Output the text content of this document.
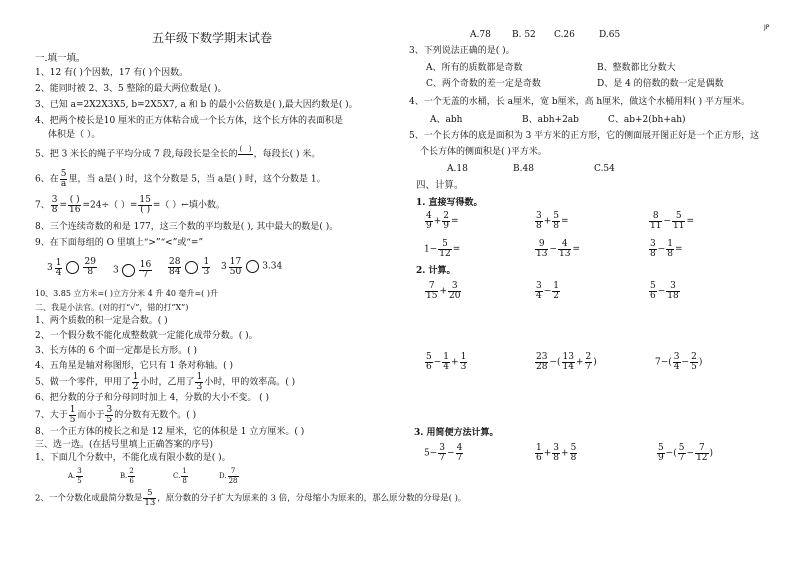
JP
五年级下数学期末试卷
一.填一填。
1、12 有( )个因数，17 有( )个因数。
2、能同时被 2、3、5 整除的最大两位数是( )。
3、已知 a=2X2X3X5, b=2X5X7, a 和 b 的最小公倍数是( ),最大因约数是( )。
4、把两个棱长是10 厘米的正方体粘合成一个长方体，这个长方体的表面积是
体积是（ ）。
5、把 3 米长的绳子平均分成 7 段,每段长是全长的
(   )

，每段长( ) 米。
6、在 $\frac{5}{a}$ 里，当 a是( ) 时，这个分数是 5，当 a是( ) 时，这个分数是 1。
7、 $\frac{3}{8} = \frac{( )}{16} =24\div$（ ）= $\frac{15}{( )}$ =（ ）←填小数。
8、三个连续奇数的和是 177，这三个数的平均数是( ), 其中最大的数是( )。
9、在下面每组的 O 里填上“>”“<”或“=”
$3 \frac{1}{4} \frac{29}{8} 3 \frac{16}{7} \frac{28}{84} \frac{1}{3} 3 \frac{17}{50} 3.34$
10、3.85 立方米=( )立方分米 4 升 40 毫升=( )升
二、我是小法官。(对的打“√”，错的打“X”)
1、两个质数的积一定是合数。( )
2、一个假分数不能化成整数就一定能化成带分数。( )。
3、长方体的 6 个面一定都是长方形。( )
4、五角星是轴对称图形，它只有 1 条对称轴。( )
5、做一个零件，甲用了 $\frac{1}{2}$ 小时，乙用了 $\frac{1}{3}$ 小时，甲的效率高。( )
6、把分数的分子和分母同时加上 4，分数的大小不变。 ( )
7、大于 $\frac{1}{5}$ 而小于 $\frac{3}{5}$ 的分数有无数个。( )
8、一个正方体的棱长之和是 12 厘米，它的体积是 1 立方厘米。( )
三、选一选。(在括号里填上正确答案的序号)
1、下面几个分数中，不能化成有限小数的是( )。
A. $\frac{3}{5}$	B. $\frac{2}{6}$	C. $\frac{1}{8}$	D. $\frac{7}{28}$
2、一个分数化成最简分数是 $\frac{5}{13}$ ，原分数的分子扩大为原来的 3 倍，分母缩小为原来的，那么原分数的分母是( )。
A.78 B. 52 C.26	D.65
3、下列说法正确的是( )。
A、所有的质数都是奇数	B、整数都比分数大
C、两个奇数的差一定是奇数	D、是 4 的倍数的数一定是偶数
4、一个无盖的水桶，长 a厘米，宽 b厘米，高 h厘米，做这个水桶用料( ) 平方厘米。
A、abh	B、abh+2ab	C、ab+2(bh+ah)
5、一个长方体的底是面积为 3 平方米的正方形，它的侧面展开图正好是一个正方形，这
个长方体的侧面积是( )平方米。
A.18	B.48	C.54
四、计算。
1. 直接写得数。
$\frac{4}{9} + \frac{2}{9}$ =	$\frac{3}{8} + \frac{5}{8}$ =	$\frac{8}{11} - \frac{5}{11}$ =
$1- \frac{5}{12}$ =	$\frac{9}{13} - \frac{4}{13}$ =	$\frac{3}{8} - \frac{1}{8}$ =
2. 计算。
$\frac{7}{15} + \frac{3}{20}$	$\frac{3}{4} - \frac{1}{2}$	$\frac{5}{6} - \frac{3}{18}$
$\frac{5}{6} - \frac{1}{4} + \frac{1}{3}$	$\frac{23}{28}$ −( $\frac{13}{14} + \frac{2}{7}$ )	$7-( \frac{3}{4} - \frac{2}{5}$ )
3. 用简便方法计算。
$5- \frac{3}{7} - \frac{4}{7}$	$\frac{1}{6} + \frac{3}{8} + \frac{5}{8}$	$\frac{5}{9}$ −( $\frac{5}{7} - \frac{7}{12}$ )
